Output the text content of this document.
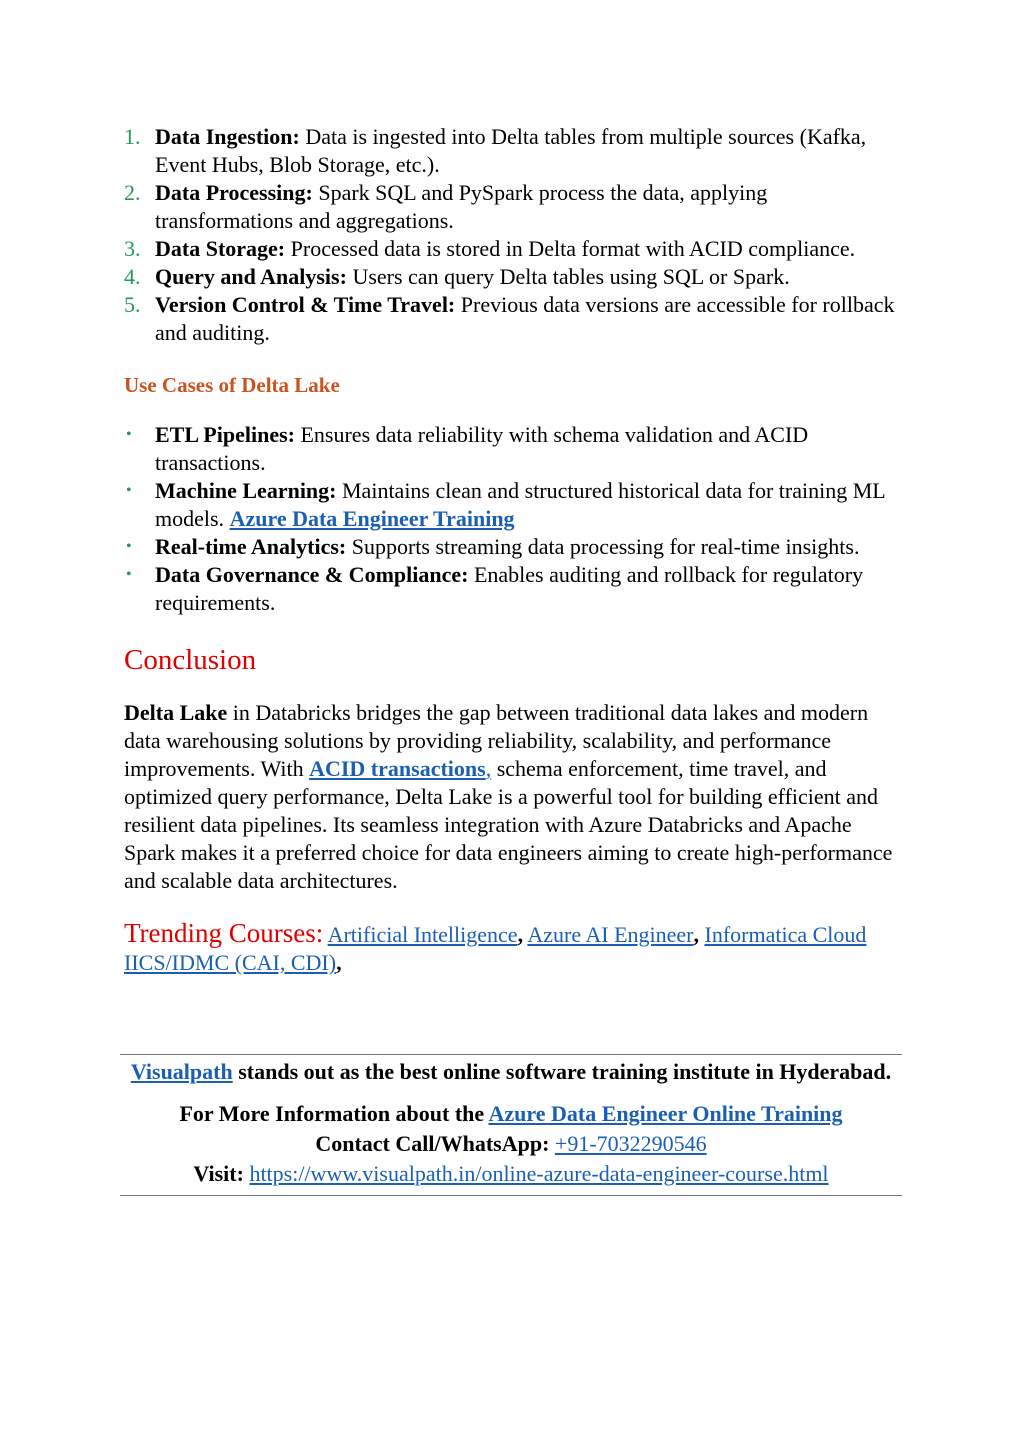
1. Data Ingestion: Data is ingested into Delta tables from multiple sources (Kafka, Event Hubs, Blob Storage, etc.).
2. Data Processing: Spark SQL and PySpark process the data, applying transformations and aggregations.
3. Data Storage: Processed data is stored in Delta format with ACID compliance.
4. Query and Analysis: Users can query Delta tables using SQL or Spark.
5. Version Control & Time Travel: Previous data versions are accessible for rollback and auditing.
Use Cases of Delta Lake
• ETL Pipelines: Ensures data reliability with schema validation and ACID transactions.
• Machine Learning: Maintains clean and structured historical data for training ML models. Azure Data Engineer Training
• Real-time Analytics: Supports streaming data processing for real-time insights.
• Data Governance & Compliance: Enables auditing and rollback for regulatory requirements.
Conclusion

Delta Lake in Databricks bridges the gap between traditional data lakes and modern data warehousing solutions by providing reliability, scalability, and performance improvements. With ACID transactions, schema enforcement, time travel, and optimized query performance, Delta Lake is a powerful tool for building efficient and resilient data pipelines. Its seamless integration with Azure Databricks and Apache Spark makes it a preferred choice for data engineers aiming to create high-performance and scalable data architectures.

Trending Courses: Artificial Intelligence, Azure AI Engineer, Informatica Cloud IICS/IDMC (CAI, CDI),

Visualpath stands out as the best online software training institute in Hyderabad.

For More Information about the Azure Data Engineer Online Training

Contact Call/WhatsApp: +91-7032290546

Visit: https://www.visualpath.in/online-azure-data-engineer-course.html
